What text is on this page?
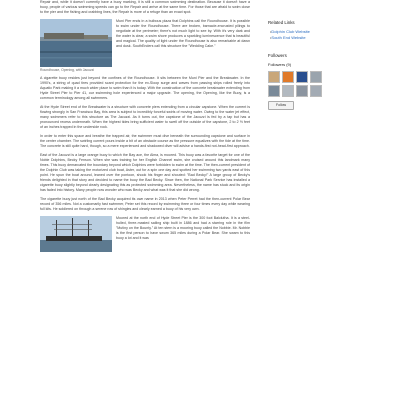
Repair and, while it doesn't currently have a buoy marking, it is still a common swimming destination. Because it doesn't have a buoy, people of various swimming speeds can go to the Repair and arrive at the same time. For those that are afraid to swim close to the pier and the fishing and crabbing lines, the Repair is more of a refuge than an exact spot.

Roundhouse, Opening, with Jacuzzi

Muni Pier ends in a bulbous plaza that Dolphins call the Roundhouse. It is possible to swim under the Roundhouse. There are broken, barnacle-encrusted pilings to negotiate at the perimeter; there's not much light to see by. With it's very dark and the water is clear, a swim shore produces a sparkling luminescence that is beautiful and magical. The quality of light under the Roundhouse is also remarkable at dawn and dusk. SouthEnders call this structure the "Wedding Cake."

A cigarette buoy resides just beyond the confines of the Roundhouse. It sits between the Muni Pier and the Breakwater. In the 1990's, a string of quad tires provided scant protection for the ex-Sloop surge and waves from passing ships rolled freely into Aquatic Park making it a much wider place to swim than it is today. With the construction of the concrete breakwater extending from Hyde Street Pier to Pier 41, our swimming hole experienced a major upgrade. The opening, the Opening, like the Buoy, is a common terminology among all swimmers.

At the Hyde Street end of the Breakwater is a structure with concrete piers extending from a circular capstone. When the current is flowing strongly in San Francisco Bay, this area is subject to incredibly forceful swirls of moving water. Owing to the water jet effect, many swimmers refer to this structure as The Jacuzzi. As it turns out, the capstone of the Jacuzzi is fed by a tap but has a pronounced recess underneath. When the highest tides bring sufficient water to swell off the outside of the capstone, 2 to 2 ½ feet of an inches trapped in the underside rock.

In order to enter this space and breathe the trapped air, the swimmer must dive beneath the surrounding capstone and surface in the center chamber. The swirling current pours inside a bit of an obstacle course as the pressure equalizes with the tide at the time. The concrete is still quite hard, though, so a mere experienced and shadowed diver will advise a hands-first not-head-first approach.

East of the Jacuzzi is a large orange buoy to which the Bay ace, the Alma, is moored. This buoy was a favorite target for one of the Noble Dolphins, Becky Fenson. When she was training for her English Channel swim, she cruised around this landmark many times. This buoy demarcated the boundary beyond which Dolphins were forbidden to swim at the time. The then-current president of the Dolphin Club was taking the motorized club boat, Aster, out for a spin one day and spotted her swimming two yards east of this point. He spun the boat around, leaned over the pontoon, shook his finger and shouted: "Bad Becky!" A large group of Becky's friends delighted in that story and decided to name the buoy the Bad Becky. Since then, the National Park Service has installed a cigarette buoy slightly beyond clearly designating this as protected swimming area. Nevertheless, the name has stuck and its origin has faded into history. Many people now wonder who was Becky and what was it that she did wrong.

The cigarette buoy just north of the Bad Becky acquired its own name in 2013 when Peter Perret had the then-current Polar Bear record of 356 miles. Not a customarily fast swimmer, Peter set this record by swimming three or four times every day while wearing full kits. He soldiered on through a serene row of shingles and clearly earned a buoy of his very own.

Moored at the north end of Hyde Street Pier is the 300 foot Balclutha. It is a steel-hulled, three-masted sailing ship built in 1886 and had a starring role in the film "Mutiny on the Bounty." At ten stern is a mooring buoy called the Nobbie. Mr. Nobbie is the first person to have swum 365 miles during a Polar Bear. She swam to this buoy a lot and it was

Related Links
• Dolphin Club Website
• South End Website
Followers
Followers (9)
Follow
